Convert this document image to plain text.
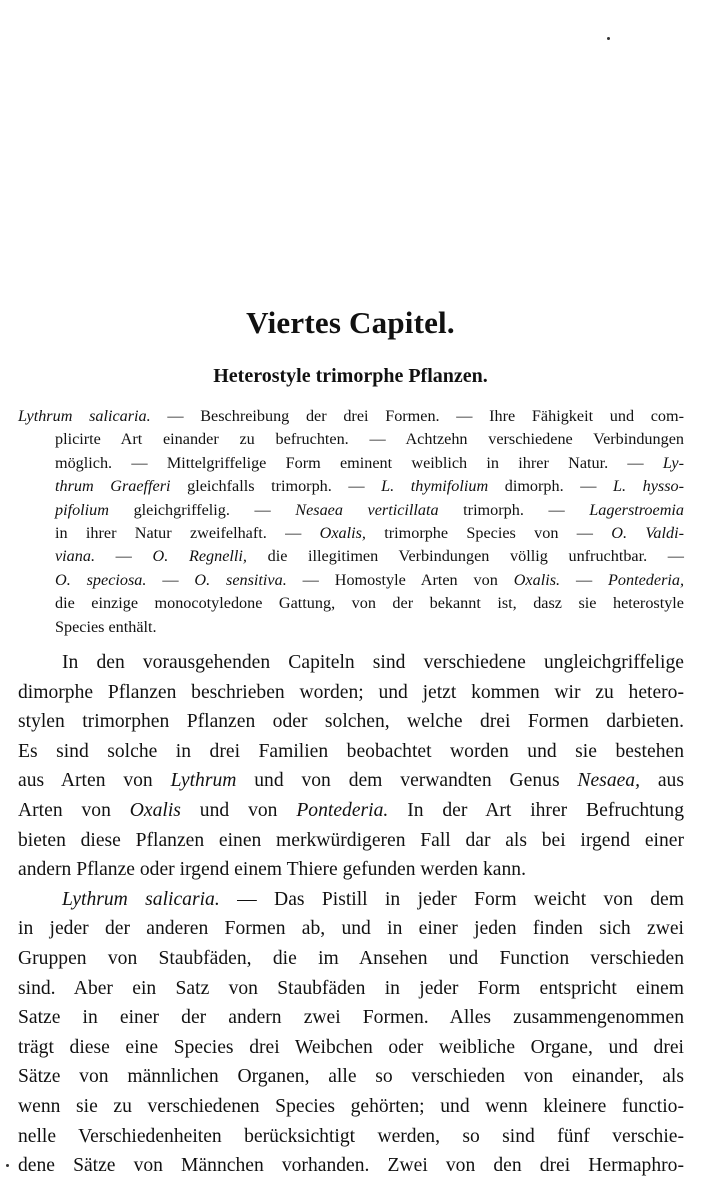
Viertes Capitel.
Heterostyle trimorphe Pflanzen.
Lythrum salicaria. — Beschreibung der drei Formen. — Ihre Fähigkeit und com-
plicirte Art einander zu befruchten. — Achtzehn verschiedene Verbindungen
möglich. — Mittelgriffelige Form eminent weiblich in ihrer Natur. — Ly-
thrum Graefferi gleichfalls trimorph. — L. thymifolium dimorph. — L. hysso-
pifolium gleichgriffelig. — Nesaea verticillata trimorph. — Lagerstroemia
in ihrer Natur zweifelhaft. — Oxalis, trimorphe Species von — O. Valdi-
viana. — O. Regnelli, die illegitimen Verbindungen völlig unfruchtbar. —
O. speciosa. — O. sensitiva. — Homostyle Arten von Oxalis. — Pontederia,
die einzige monocotyledone Gattung, von der bekannt ist, dasz sie heterostyle
Species enthält.
In den vorausgehenden Capiteln sind verschiedene ungleichgriffelige
dimorphe Pflanzen beschrieben worden; und jetzt kommen wir zu hetero-
stylen trimorphen Pflanzen oder solchen, welche drei Formen darbieten.
Es sind solche in drei Familien beobachtet worden und sie bestehen
aus Arten von Lythrum und von dem verwandten Genus Nesaea, aus
Arten von Oxalis und von Pontederia. In der Art ihrer Befruchtung
bieten diese Pflanzen einen merkwürdigeren Fall dar als bei irgend einer
andern Pflanze oder irgend einem Thiere gefunden werden kann.
Lythrum salicaria. — Das Pistill in jeder Form weicht von dem
in jeder der anderen Formen ab, und in einer jeden finden sich zwei
Gruppen von Staubfäden, die im Ansehen und Function verschieden
sind. Aber ein Satz von Staubfäden in jeder Form entspricht einem
Satze in einer der andern zwei Formen. Alles zusammengenommen
trägt diese eine Species drei Weibchen oder weibliche Organe, und drei
Sätze von männlichen Organen, alle so verschieden von einander, als
wenn sie zu verschiedenen Species gehörten; und wenn kleinere functio-
nelle Verschiedenheiten berücksichtigt werden, so sind fünf verschie-
dene Sätze von Männchen vorhanden. Zwei von den drei Hermaphro-
